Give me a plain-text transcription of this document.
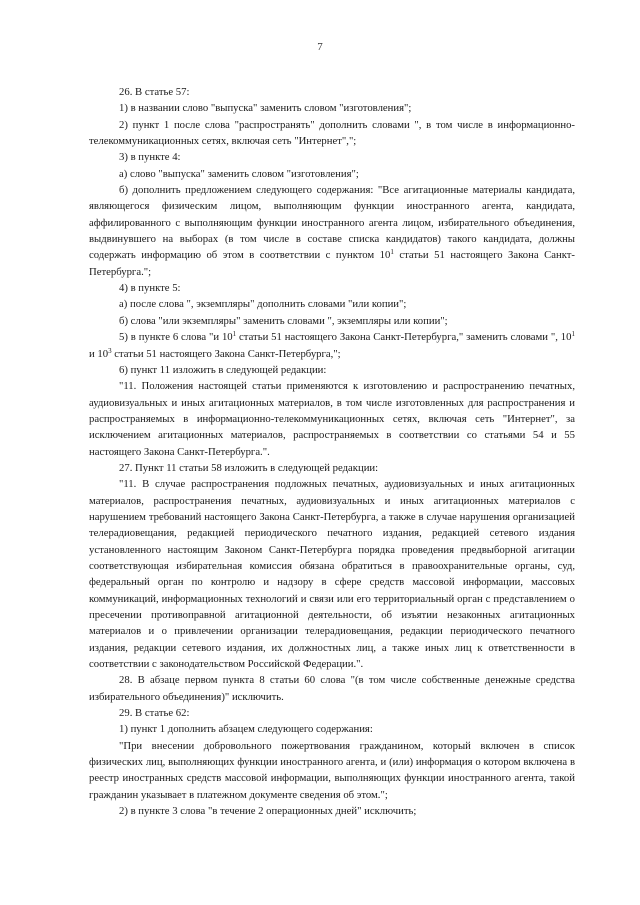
7

26. В статье 57:

1) в названии слово "выпуска" заменить словом "изготовления";

2) пункт 1 после слова "распространять" дополнить словами ", в том числе в информационно-телекоммуникационных сетях, включая сеть "Интернет",";

3) в пункте 4:

а) слово "выпуска" заменить словом "изготовления";

б) дополнить предложением следующего содержания: "Все агитационные материалы кандидата, являющегося физическим лицом, выполняющим функции иностранного агента, кандидата, аффилированного с выполняющим функции иностранного агента лицом, избирательного объединения, выдвинувшего на выборах (в том числе в составе списка кандидатов) такого кандидата, должны содержать информацию об этом в соответствии с пунктом $10^1$ статьи 51 настоящего Закона Санкт-Петербурга.";

4) в пункте 5:

а) после слова ", экземпляры" дополнить словами "или копии";

б) слова "или экземпляры" заменить словами ", экземпляры или копии";

5) в пункте 6 слова "и $10^1$ статьи 51 настоящего Закона Санкт-Петербурга," заменить словами ", $10^1$ и $10^3$ статьи 51 настоящего Закона Санкт-Петербурга,";

6) пункт 11 изложить в следующей редакции:

"11. Положения настоящей статьи применяются к изготовлению и распространению печатных, аудиовизуальных и иных агитационных материалов, в том числе изготовленных для распространения и распространяемых в информационно-телекоммуникационных сетях, включая сеть "Интернет", за исключением агитационных материалов, распространяемых в соответствии со статьями 54 и 55 настоящего Закона Санкт-Петербурга.".

27. Пункт 11 статьи 58 изложить в следующей редакции:

"11. В случае распространения подложных печатных, аудиовизуальных и иных агитационных материалов, распространения печатных, аудиовизуальных и иных агитационных материалов с нарушением требований настоящего Закона Санкт-Петербурга, а также в случае нарушения организацией телерадиовещания, редакцией периодического печатного издания, редакцией сетевого издания установленного настоящим Законом Санкт-Петербурга порядка проведения предвыборной агитации соответствующая избирательная комиссия обязана обратиться в правоохранительные органы, суд, федеральный орган по контролю и надзору в сфере средств массовой информации, массовых коммуникаций, информационных технологий и связи или его территориальный орган с представлением о пресечении противоправной агитационной деятельности, об изъятии незаконных агитационных материалов и о привлечении организации телерадиовещания, редакции периодического печатного издания, редакции сетевого издания, их должностных лиц, а также иных лиц к ответственности в соответствии с законодательством Российской Федерации.".

28. В абзаце первом пункта 8 статьи 60 слова "(в том числе собственные денежные средства избирательного объединения)" исключить.

29. В статье 62:

1) пункт 1 дополнить абзацем следующего содержания:

"При внесении добровольного пожертвования гражданином, который включен в список физических лиц, выполняющих функции иностранного агента, и (или) информация о котором включена в реестр иностранных средств массовой информации, выполняющих функции иностранного агента, такой гражданин указывает в платежном документе сведения об этом.";

2) в пункте 3 слова "в течение 2 операционных дней" исключить;
